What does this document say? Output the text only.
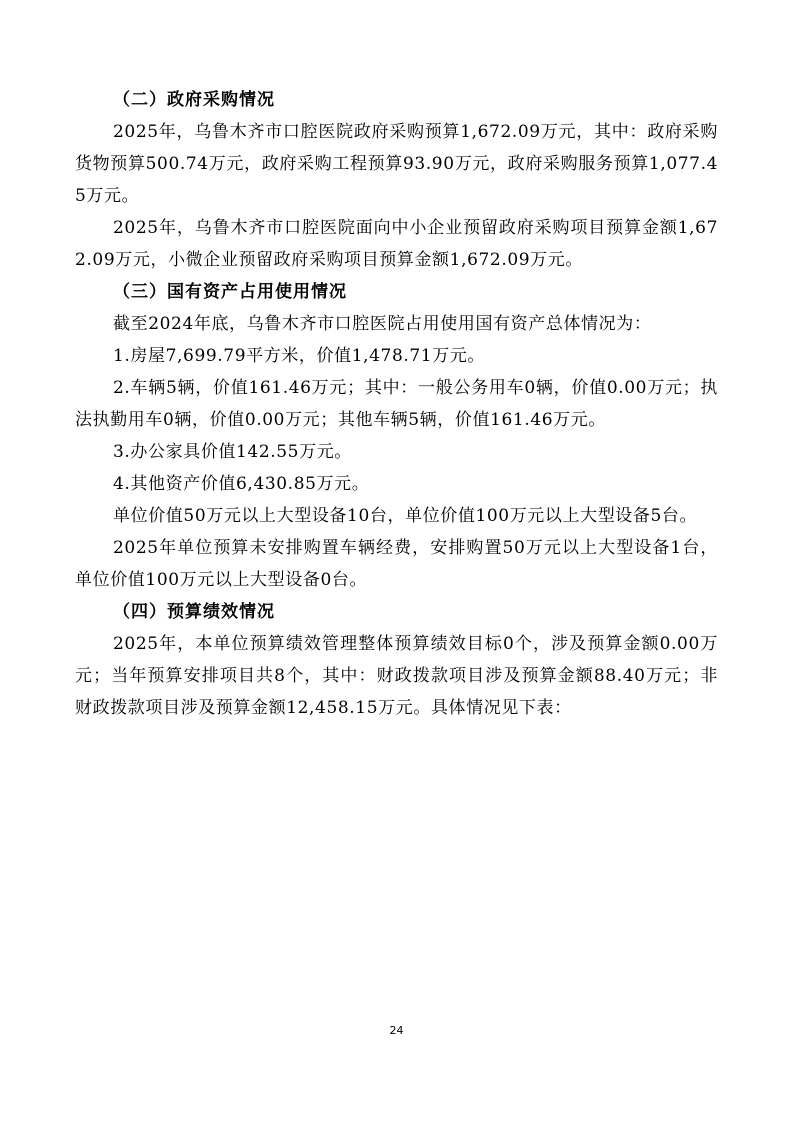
（二）政府采购情况

2025年，乌鲁木齐市口腔医院政府采购预算1,672.09万元，其中：政府采购货物预算500.74万元，政府采购工程预算93.90万元，政府采购服务预算1,077.45万元。

2025年，乌鲁木齐市口腔医院面向中小企业预留政府采购项目预算金额1,672.09万元，小微企业预留政府采购项目预算金额1,672.09万元。

（三）国有资产占用使用情况

截至2024年底，乌鲁木齐市口腔医院占用使用国有资产总体情况为：

1.房屋7,699.79平方米，价值1,478.71万元。

2.车辆5辆，价值161.46万元；其中：一般公务用车0辆，价值0.00万元；执法执勤用车0辆，价值0.00万元；其他车辆5辆，价值161.46万元。

3.办公家具价值142.55万元。

4.其他资产价值6,430.85万元。

单位价值50万元以上大型设备10台，单位价值100万元以上大型设备5台。

2025年单位预算未安排购置车辆经费，安排购置50万元以上大型设备1台，单位价值100万元以上大型设备0台。

（四）预算绩效情况

2025年，本单位预算绩效管理整体预算绩效目标0个，涉及预算金额0.00万元；当年预算安排项目共8个，其中：财政拨款项目涉及预算金额88.40万元；非财政拨款项目涉及预算金额12,458.15万元。具体情况见下表：

24
